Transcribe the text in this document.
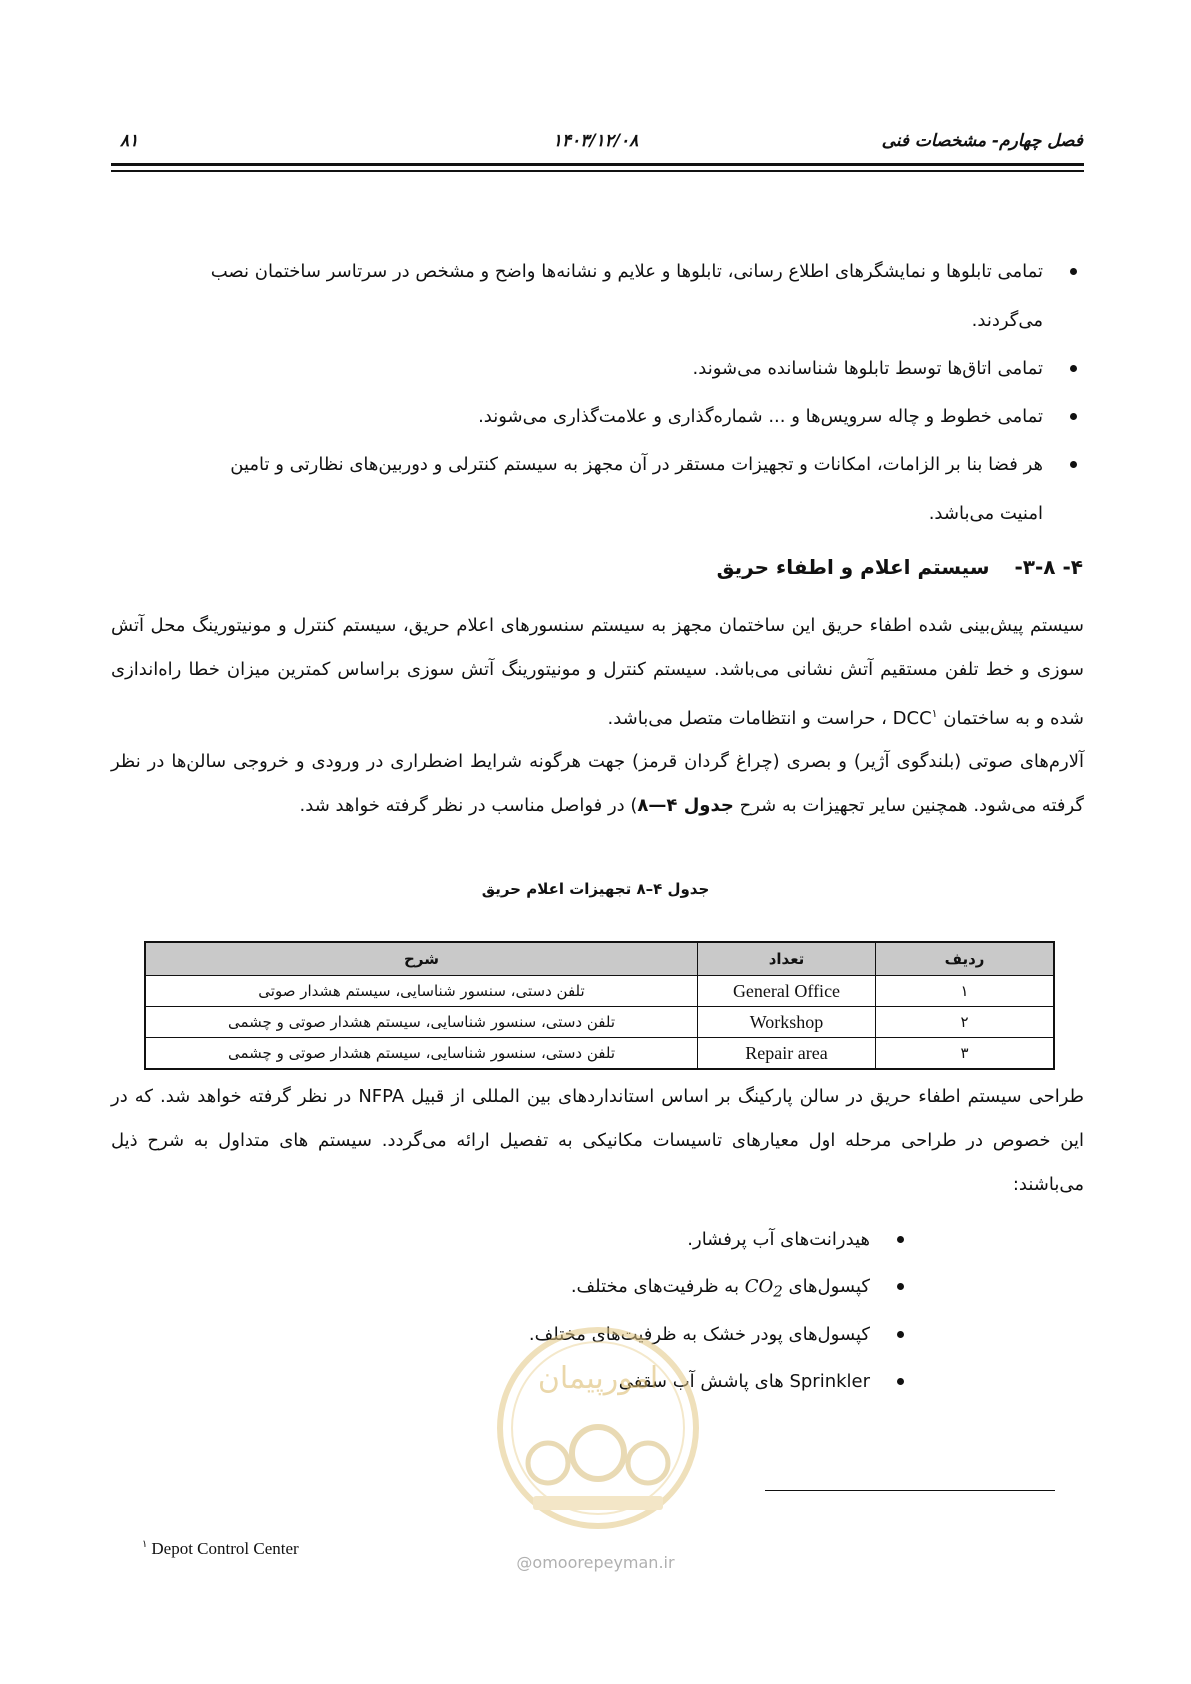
فصل چهارم- مشخصات فنی
۱۴۰۳/۱۲/۰۸
۸۱
تمامی تابلوها و نمایشگرهای اطلاع رسانی، تابلوها و علایم و نشانه‌ها واضح و مشخص در سرتاسر ساختمان نصب
می‌گردند.
تمامی اتاق‌ها توسط تابلوها شناسانده می‌شوند.
تمامی خطوط و چاله سرویس‌ها و ... شماره‌گذاری و علامت‌گذاری می‌شوند.
هر فضا بنا بر الزامات، امکانات و تجهیزات مستقر در آن مجهز به سیستم کنترلی و دوربین‌های نظارتی و تامین
امنیت می‌باشد.
۴- ۳-۸- سیستم اعلام و اطفاء حریق
سیستم پیش‌بینی شده اطفاء حریق این ساختمان مجهز به سیستم سنسورهای اعلام حریق، سیستم کنترل و مونیتورینگ محل آتش سوزی و خط تلفن مستقیم آتش نشانی می‌باشد. سیستم کنترل و مونیتورینگ آتش سوزی براساس کمترین میزان خطا راه‌اندازی شده و به ساختمان DCC$^۱$ ، حراست و انتظامات متصل می‌باشد.
آلارم‌های صوتی (بلندگوی آژیر) و بصری (چراغ گردان قرمز) جهت هرگونه شرایط اضطراری در ورودی و خروجی سالن‌ها در نظر گرفته می‌شود. همچنین سایر تجهیزات به شرح جدول ۴—۸) در فواصل مناسب در نظر گرفته خواهد شد.
جدول ۴–۸ تجهیزات اعلام حریق
ردیف	تعداد	شرح
۱	General Office	تلفن دستی، سنسور شناسایی، سیستم هشدار صوتی
۲	Workshop	تلفن دستی، سنسور شناسایی، سیستم هشدار صوتی و چشمی
۳	Repair area	تلفن دستی، سنسور شناسایی، سیستم هشدار صوتی و چشمی
طراحی سیستم اطفاء حریق در سالن پارکینگ بر اساس استانداردهای بین المللی از قبیل NFPA در نظر گرفته خواهد شد. که در این خصوص در طراحی مرحله اول معیارهای تاسیسات مکانیکی به تفصیل ارائه می‌گردد. سیستم های متداول به شرح ذیل می‌باشند:
هیدرانت‌های آب پرفشار.
کپسول‌های $CO_2$ به ظرفیت‌های مختلف.
کپسول‌های پودر خشک به ظرفیت‌های مختلف.
Sprinkler های پاشش آب سقفی
امورپیمان
@omoorepeyman.ir
$^۱$ Depot Control Center
